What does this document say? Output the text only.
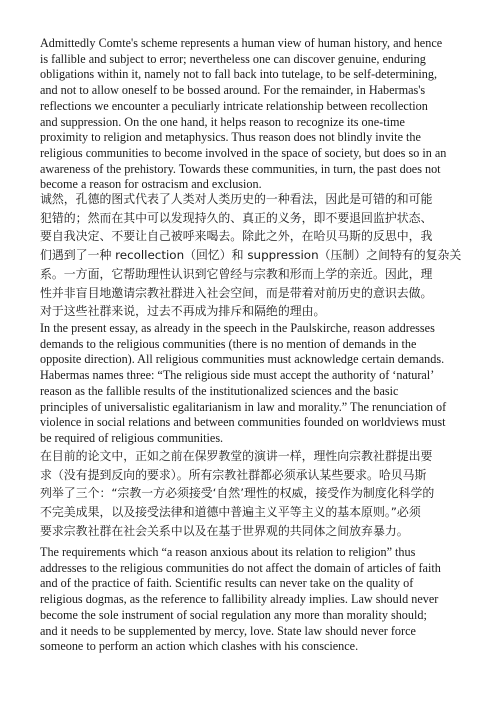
Admittedly Comte's scheme represents a human view of human history, and hence
is fallible and subject to error; nevertheless one can discover genuine, enduring
obligations within it, namely not to fall back into tutelage, to be self-determining,
and not to allow oneself to be bossed around. For the remainder, in Habermas's
reflections we encounter a peculiarly intricate relationship between recollection
and suppression. On the one hand, it helps reason to recognize its one-time
proximity to religion and metaphysics. Thus reason does not blindly invite the
religious communities to become involved in the space of society, but does so in an
awareness of the prehistory. Towards these communities, in turn, the past does not
become a reason for ostracism and exclusion.
诚然，孔德的图式代表了人类对人类历史的一种看法，因此是可错的和可能
犯错的；然而在其中可以发现持久的、真正的义务，即不要退回监护状态、
要自我决定、不要让自己被呼来喝去。除此之外，在哈贝马斯的反思中，我
们遇到了一种 recollection（回忆）和 suppression（压制）之间特有的复杂关
系。一方面，它帮助理性认识到它曾经与宗教和形而上学的亲近。因此，理
性并非盲目地邀请宗教社群进入社会空间，而是带着对前历史的意识去做。
对于这些社群来说，过去不再成为排斥和隔绝的理由。
In the present essay, as already in the speech in the Paulskirche, reason addresses
demands to the religious communities (there is no mention of demands in the
opposite direction). All religious communities must acknowledge certain demands.
Habermas names three: “The religious side must accept the authority of ‘natural’
reason as the fallible results of the institutionalized sciences and the basic
principles of universalistic egalitarianism in law and morality.” The renunciation of
violence in social relations and between communities founded on worldviews must
be required of religious communities.
在目前的论文中，正如之前在保罗教堂的演讲一样，理性向宗教社群提出要
求（没有提到反向的要求）。所有宗教社群都必须承认某些要求。哈贝马斯
列举了三个：“宗教一方必须接受‘自然’理性的权威，接受作为制度化科学的
不完美成果，以及接受法律和道德中普遍主义平等主义的基本原则。”必须
要求宗教社群在社会关系中以及在基于世界观的共同体之间放弃暴力。
The requirements which “a reason anxious about its relation to religion” thus
addresses to the religious communities do not affect the domain of articles of faith
and of the practice of faith. Scientific results can never take on the quality of
religious dogmas, as the reference to fallibility already implies. Law should never
become the sole instrument of social regulation any more than morality should;
and it needs to be supplemented by mercy, love. State law should never force
someone to perform an action which clashes with his conscience.
